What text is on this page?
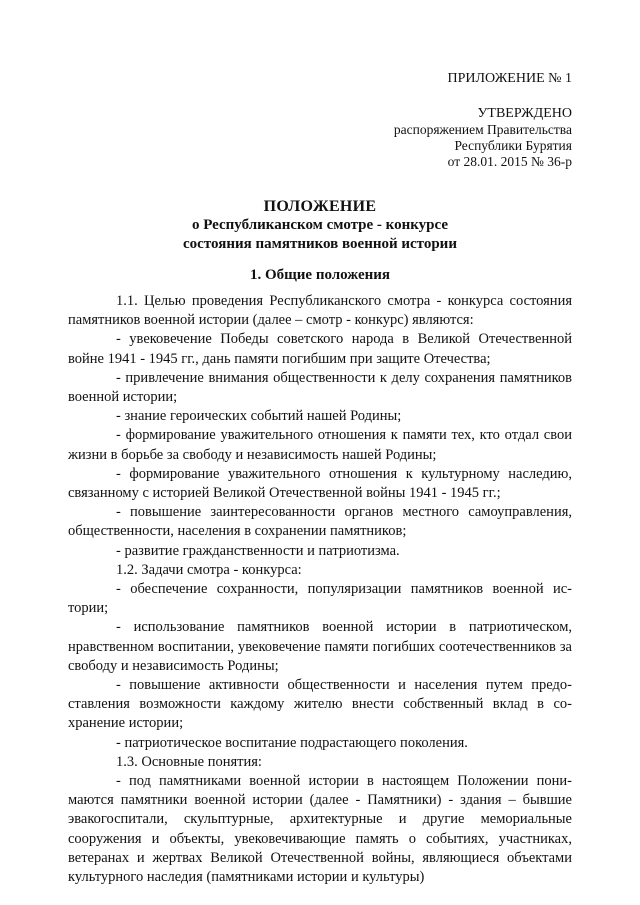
ПРИЛОЖЕНИЕ № 1
УТВЕРЖДЕНО
распоряжением Правительства
Республики Бурятия
от 28.01. 2015 № 36-р
ПОЛОЖЕНИЕ
о Республиканском смотре - конкурсе
состояния памятников военной истории
1. Общие положения

1.1. Целью проведения Республиканского смотра - конкурса состояния памятников военной истории (далее – смотр - конкурс) являются:

- увековечение Победы советского народа в Великой Отечественной войне 1941 - 1945 гг., дань памяти погибшим при защите Отечества;

- привлечение внимания общественности к делу сохранения памятников военной истории;

- знание героических событий нашей Родины;

- формирование уважительного отношения к памяти тех, кто отдал свои жизни в борьбе за свободу и независимость нашей Родины;

- формирование уважительного отношения к культурному наследию, связанному с историей Великой Отечественной войны 1941 - 1945 гг.;

- повышение заинтересованности органов местного самоуправления, общественности, населения в сохранении памятников;

- развитие гражданственности и патриотизма.

1.2. Задачи смотра - конкурса:

- обеспечение сохранности, популяризации памятников военной истории;

- использование памятников военной истории в патриотическом, нравственном воспитании, увековечение памяти погибших соотечественников за свободу и независимость Родины;

- повышение активности общественности и населения путем предоставления возможности каждому жителю внести собственный вклад в сохранение истории;

- патриотическое воспитание подрастающего поколения.

1.3. Основные понятия:

- под памятниками военной истории в настоящем Положении понимаются памятники военной истории (далее - Памятники) - здания – бывшие эвакогоспитали, скульптурные, архитектурные и другие мемориальные сооружения и объекты, увековечивающие память о событиях, участниках, ветеранах и жертвах Великой Отечественной войны, являющиеся объектами культурного наследия (памятниками истории и культуры)
